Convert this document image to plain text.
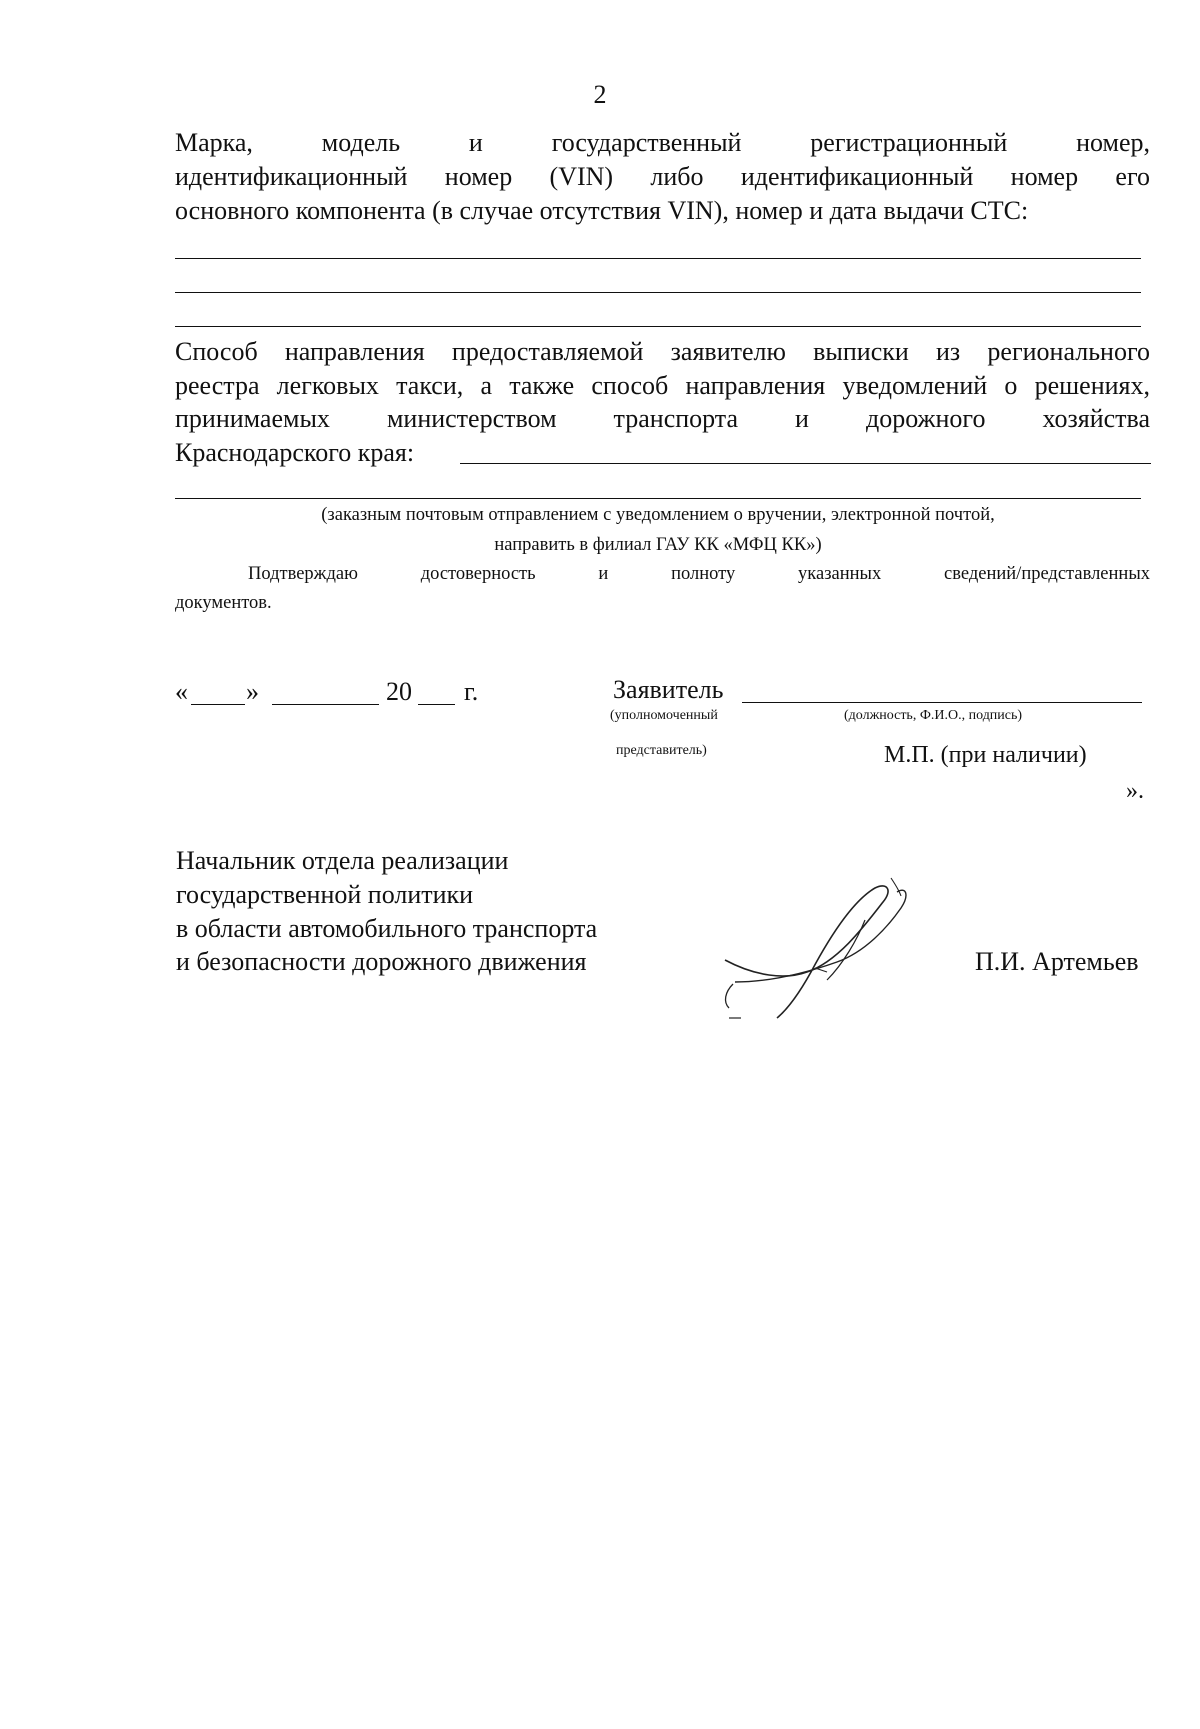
2
Марка, модель и государственный регистрационный номер,
идентификационный номер (VIN) либо идентификационный номер его
основного компонента (в случае отсутствия VIN), номер и дата выдачи СТС:
Способ направления предоставляемой заявителю выписки из регионального
реестра легковых такси, а также способ направления уведомлений о решениях,
принимаемых министерством транспорта и дорожного хозяйства
Краснодарского края:
(заказным почтовым отправлением с уведомлением о вручении, электронной почтой,
направить в филиал ГАУ КК «МФЦ КК»)
Подтверждаю достоверность и полноту указанных сведений/представленных
документов.
« »	20 г.	Заявитель
(уполномоченный	(должность, Ф.И.О., подпись)
представитель)	М.П. (при наличии)
».
Начальник отдела реализации
государственной политики
в области автомобильного транспорта
и безопасности дорожного движения	П.И. Артемьев
